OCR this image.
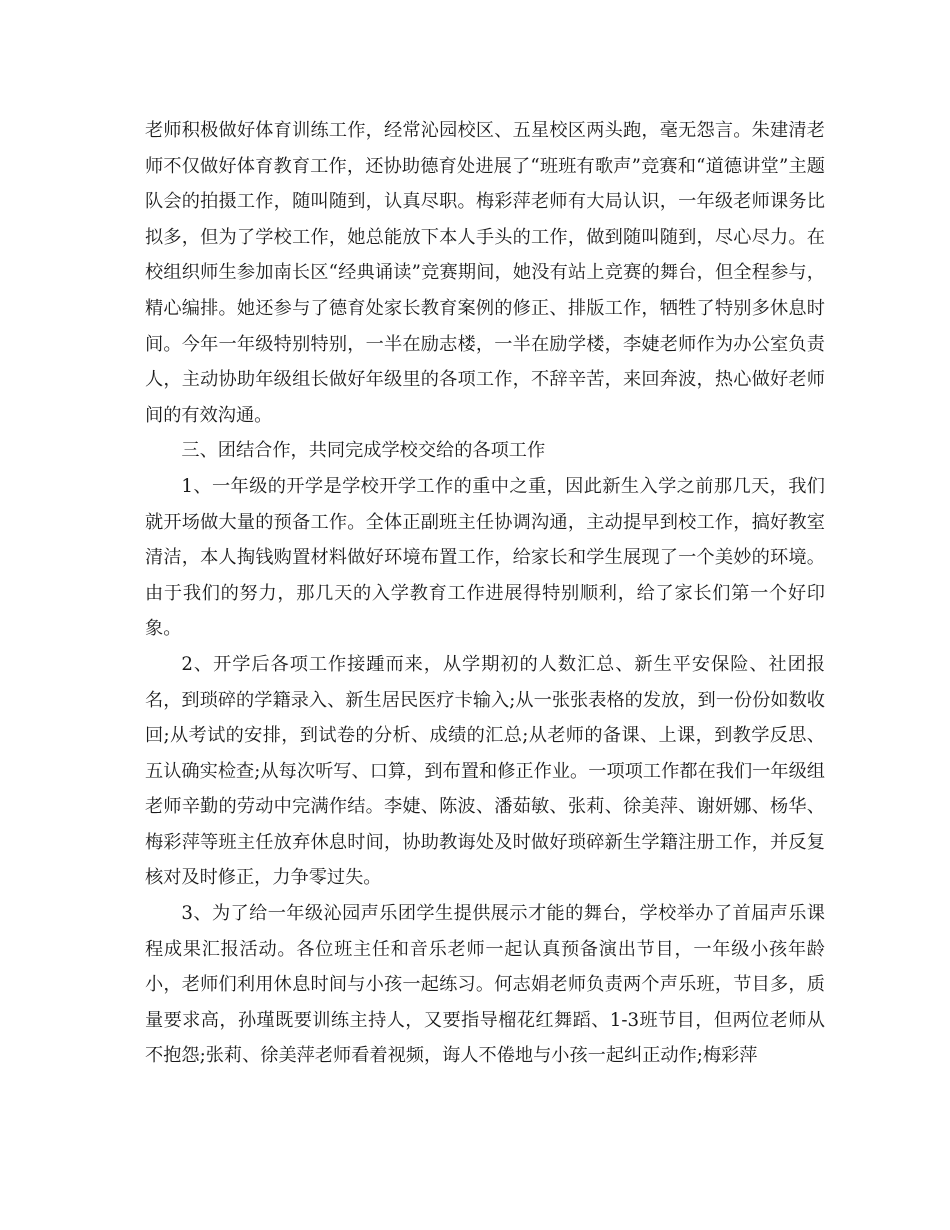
老师积极做好体育训练工作，经常沁园校区、五星校区两头跑，毫无怨言。朱建清老师不仅做好体育教育工作，还协助德育处进展了“班班有歌声”竞赛和“道德讲堂”主题队会的拍摄工作，随叫随到，认真尽职。梅彩萍老师有大局认识，一年级老师课务比拟多，但为了学校工作，她总能放下本人手头的工作，做到随叫随到，尽心尽力。在校组织师生参加南长区“经典诵读”竞赛期间，她没有站上竞赛的舞台，但全程参与，精心编排。她还参与了德育处家长教育案例的修正、排版工作，牺牲了特别多休息时间。今年一年级特别特别，一半在励志楼，一半在励学楼，李婕老师作为办公室负责人，主动协助年级组长做好年级里的各项工作，不辞辛苦，来回奔波，热心做好老师间的有效沟通。

三、团结合作，共同完成学校交给的各项工作

1、一年级的开学是学校开学工作的重中之重，因此新生入学之前那几天，我们就开场做大量的预备工作。全体正副班主任协调沟通，主动提早到校工作，搞好教室清洁，本人掏钱购置材料做好环境布置工作，给家长和学生展现了一个美妙的环境。由于我们的努力，那几天的入学教育工作进展得特别顺利，给了家长们第一个好印象。

2、开学后各项工作接踵而来，从学期初的人数汇总、新生平安保险、社团报名，到琐碎的学籍录入、新生居民医疗卡输入;从一张张表格的发放，到一份份如数收回;从考试的安排，到试卷的分析、成绩的汇总;从老师的备课、上课，到教学反思、五认确实检查;从每次听写、口算，到布置和修正作业。一项项工作都在我们一年级组老师辛勤的劳动中完满作结。李婕、陈波、潘茹敏、张莉、徐美萍、谢妍娜、杨华、梅彩萍等班主任放弃休息时间，协助教诲处及时做好琐碎新生学籍注册工作，并反复核对及时修正，力争零过失。

3、为了给一年级沁园声乐团学生提供展示才能的舞台，学校举办了首届声乐课程成果汇报活动。各位班主任和音乐老师一起认真预备演出节目，一年级小孩年龄小，老师们利用休息时间与小孩一起练习。何志娟老师负责两个声乐班，节目多，质量要求高，孙瑾既要训练主持人，又要指导榴花红舞蹈、1-3班节目，但两位老师从不抱怨;张莉、徐美萍老师看着视频，诲人不倦地与小孩一起纠正动作;梅彩萍
